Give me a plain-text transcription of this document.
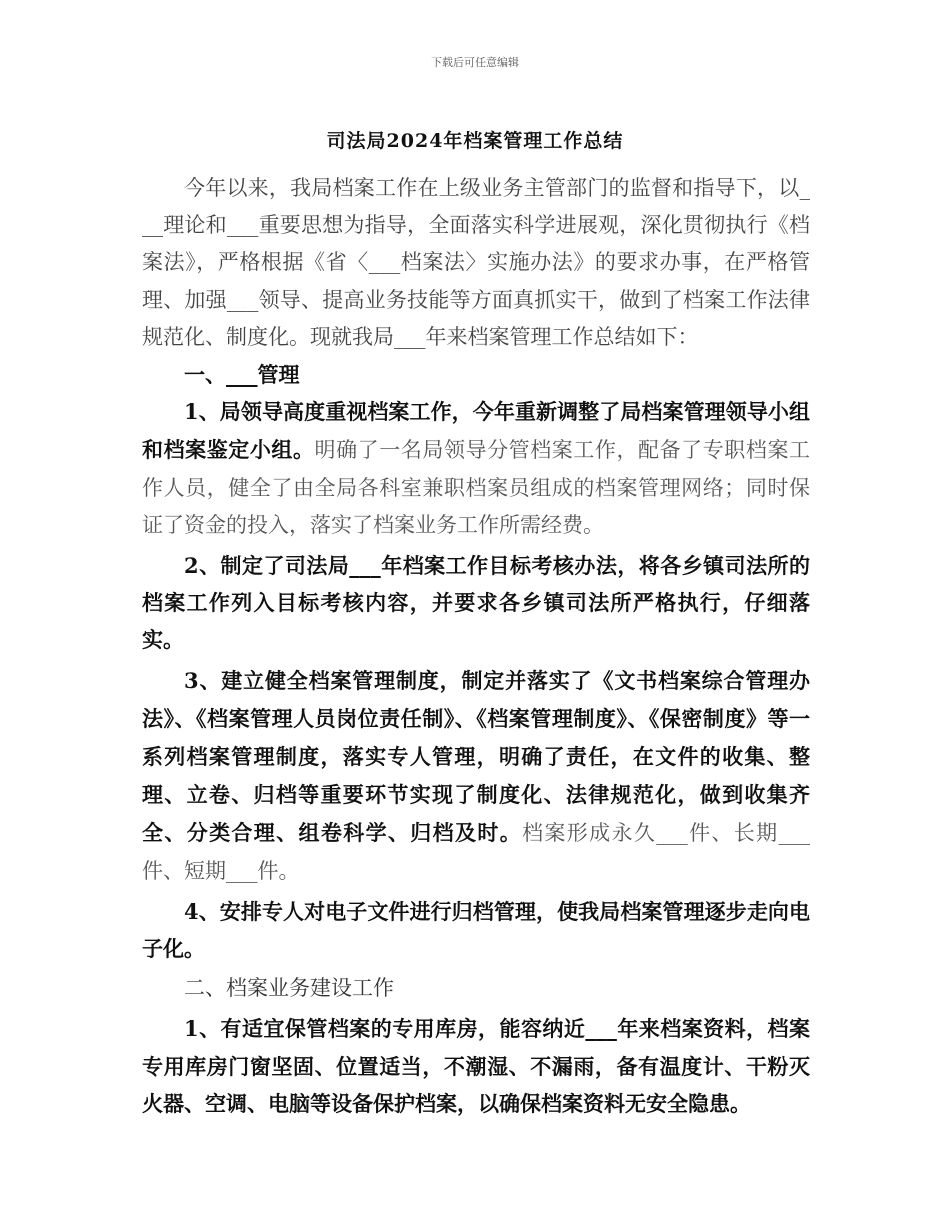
下载后可任意编辑
司法局2024年档案管理工作总结

今年以来，我局档案工作在上级业务主管部门的监督和指导下，以___理论和___重要思想为指导，全面落实科学进展观，深化贯彻执行《档案法》，严格根据《省〈___档案法〉实施办法》的要求办事，在严格管理、加强___领导、提高业务技能等方面真抓实干，做到了档案工作法律规范化、制度化。现就我局___年来档案管理工作总结如下：

一、___管理

1、局领导高度重视档案工作，今年重新调整了局档案管理领导小组和档案鉴定小组。明确了一名局领导分管档案工作，配备了专职档案工作人员，健全了由全局各科室兼职档案员组成的档案管理网络；同时保证了资金的投入，落实了档案业务工作所需经费。

2、制定了司法局___年档案工作目标考核办法，将各乡镇司法所的档案工作列入目标考核内容，并要求各乡镇司法所严格执行，仔细落实。

3、建立健全档案管理制度，制定并落实了《文书档案综合管理办法》、《档案管理人员岗位责任制》、《档案管理制度》、《保密制度》等一系列档案管理制度，落实专人管理，明确了责任，在文件的收集、整理、立卷、归档等重要环节实现了制度化、法律规范化，做到收集齐全、分类合理、组卷科学、归档及时。档案形成永久___件、长期___件、短期___件。

4、安排专人对电子文件进行归档管理，使我局档案管理逐步走向电子化。

二、档案业务建设工作

1、有适宜保管档案的专用库房，能容纳近___年来档案资料，档案专用库房门窗坚固、位置适当，不潮湿、不漏雨，备有温度计、干粉灭火器、空调、电脑等设备保护档案，以确保档案资料无安全隐患。
